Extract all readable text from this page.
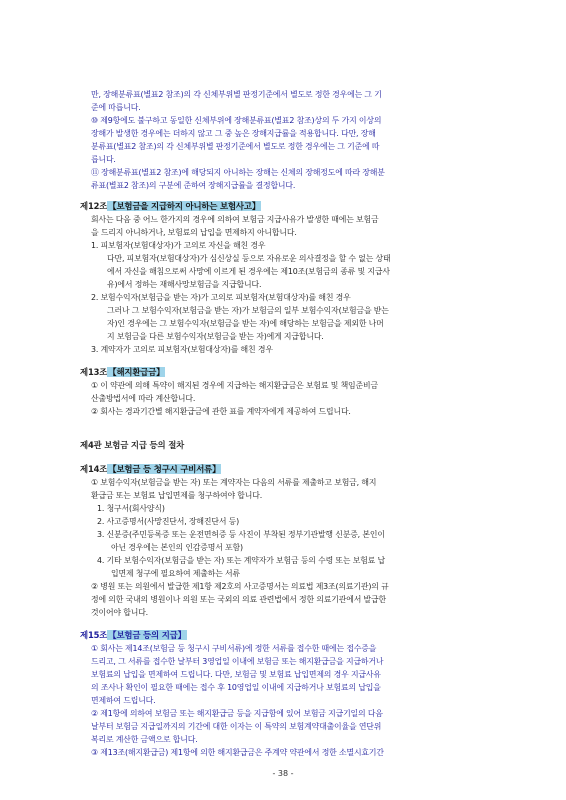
만, 장해분류표(별표2 참조)의 각 신체부위별 판정기준에서 별도로 정한 경우에는 그 기
준에 따릅니다.
⑩ 제9항에도 불구하고 동일한 신체부위에 장해분류표(별표2 참조)상의 두 가지 이상의
장해가 발생한 경우에는 더하지 않고 그 중 높은 장해지급률을 적용합니다. 다만, 장해
분류표(별표2 참조)의 각 신체부위별 판정기준에서 별도로 정한 경우에는 그 기준에 따
릅니다.
⑪ 장해분류표(별표2 참조)에 해당되지 아니하는 장해는 신체의 장해정도에 따라 장해분
류표(별표2 참조)의 구분에 준하여 장해지급률을 결정합니다.
제12조【보험금을 지급하지 아니하는 보험사고】
회사는 다음 중 어느 한가지의 경우에 의하여 보험금 지급사유가 발생한 때에는 보험금
을 드리지 아니하거나, 보험료의 납입을 면제하지 아니합니다.
1. 피보험자(보험대상자)가 고의로 자신을 해친 경우
다만, 피보험자(보험대상자)가 심신상실 등으로 자유로운 의사결정을 할 수 없는 상태
에서 자신을 해침으로써 사망에 이르게 된 경우에는 제10조(보험금의 종류 및 지급사
유)에서 정하는 재해사망보험금을 지급합니다.
2. 보험수익자(보험금을 받는 자)가 고의로 피보험자(보험대상자)를 해친 경우
그러나 그 보험수익자(보험금을 받는 자)가 보험금의 일부 보험수익자(보험금을 받는
자)인 경우에는 그 보험수익자(보험금을 받는 자)에 해당하는 보험금을 제외한 나머
지 보험금을 다른 보험수익자(보험금을 받는 자)에게 지급합니다.
3. 계약자가 고의로 피보험자(보험대상자)를 해친 경우
제13조【해지환급금】
① 이 약관에 의해 특약이 해지된 경우에 지급하는 해지환급금은 보험료 및 책임준비금
산출방법서에 따라 계산합니다.
② 회사는 경과기간별 해지환급금에 관한 표를 계약자에게 제공하여 드립니다.
제4관 보험금 지급 등의 절차
제14조【보험금 등 청구시 구비서류】
① 보험수익자(보험금을 받는 자) 또는 계약자는 다음의 서류를 제출하고 보험금, 해지
환급금 또는 보험료 납입면제를 청구하여야 합니다.
1. 청구서(회사양식)
2. 사고증명서(사망진단서, 장해진단서 등)
3. 신분증(주민등록증 또는 운전면허증 등 사진이 부착된 정부기관발행 신분증, 본인이
아닌 경우에는 본인의 인감증명서 포함)
4. 기타 보험수익자(보험금을 받는 자) 또는 계약자가 보험금 등의 수령 또는 보험료 납
입면제 청구에 필요하여 제출하는 서류
② 병원 또는 의원에서 발급한 제1항 제2호의 사고증명서는 의료법 제3조(의료기관)의 규
정에 의한 국내의 병원이나 의원 또는 국외의 의료 관련법에서 정한 의료기관에서 발급한
것이어야 합니다.
제15조【보험금 등의 지급】
① 회사는 제14조(보험금 등 청구시 구비서류)에 정한 서류를 접수한 때에는 접수증을
드리고, 그 서류를 접수한 날부터 3영업일 이내에 보험금 또는 해지환급금을 지급하거나
보험료의 납입을 면제하여 드립니다. 다만, 보험금 및 보험료 납입면제의 경우 지급사유
의 조사나 확인이 필요한 때에는 접수 후 10영업일 이내에 지급하거나 보험료의 납입을
면제하여 드립니다.
② 제1항에 의하여 보험금 또는 해지환급금 등을 지급함에 있어 보험금 지급기일의 다음
날부터 보험금 지급일까지의 기간에 대한 이자는 이 특약의 보험계약대출이율을 연단위
복리로 계산한 금액으로 합니다.
③ 제13조(해지환급금) 제1항에 의한 해지환급금은 주계약 약관에서 정한 소멸시효기간
- 38 -
